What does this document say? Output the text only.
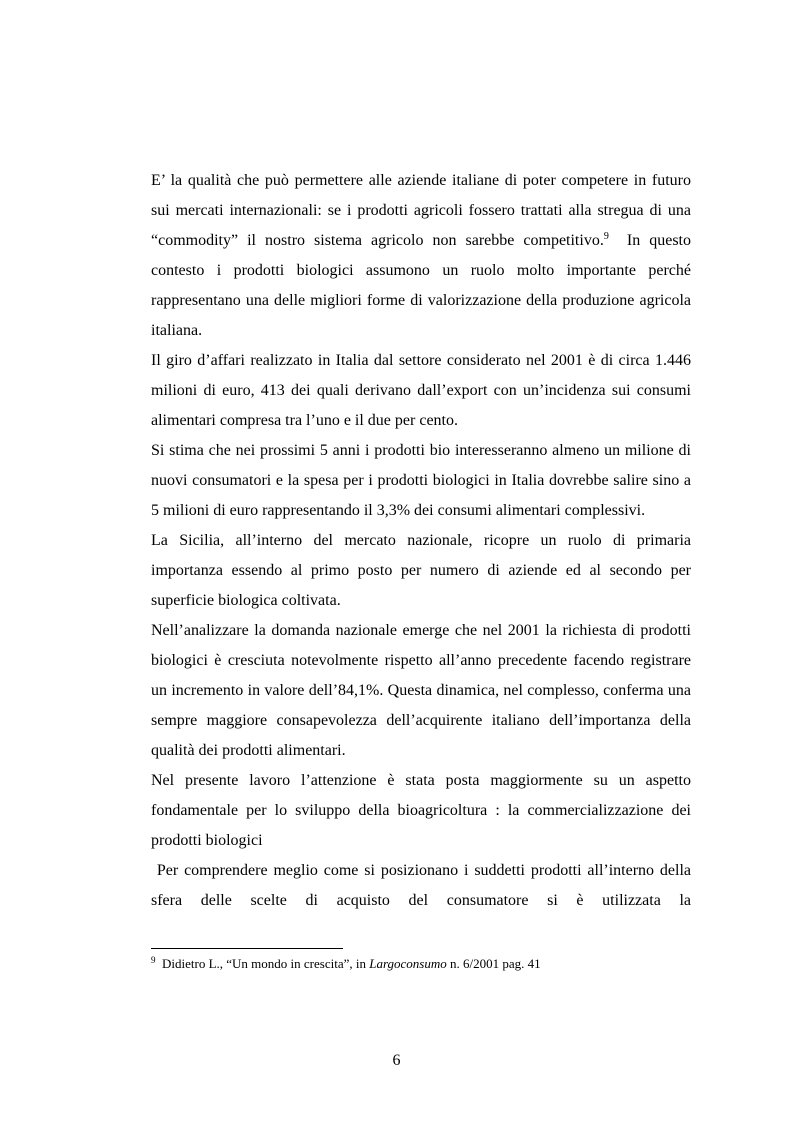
E’ la qualità che può permettere alle aziende italiane di poter competere in futuro sui mercati internazionali: se i prodotti agricoli fossero trattati alla stregua di una “commodity” il nostro sistema agricolo non sarebbe competitivo.$^9$  In questo contesto i prodotti biologici assumono un ruolo molto importante perché rappresentano una delle migliori forme di valorizzazione della produzione agricola italiana.

Il giro d’affari realizzato in Italia dal settore considerato nel 2001 è di circa 1.446 milioni di euro, 413 dei quali derivano dall’export con un’incidenza sui consumi alimentari compresa tra l’uno e il due per cento.

Si stima che nei prossimi 5 anni i prodotti bio interesseranno almeno un milione di nuovi consumatori e la spesa per i prodotti biologici in Italia dovrebbe salire sino a 5 milioni di euro rappresentando il 3,3% dei consumi alimentari complessivi.

La Sicilia, all’interno del mercato nazionale, ricopre un ruolo di primaria importanza essendo al primo posto per numero di aziende ed al secondo per superficie biologica coltivata.

Nell’analizzare la domanda nazionale emerge che nel 2001 la richiesta di prodotti biologici è cresciuta notevolmente rispetto all’anno precedente facendo registrare un incremento in valore dell’84,1%. Questa dinamica, nel complesso, conferma una sempre maggiore consapevolezza dell’acquirente italiano dell’importanza della qualità dei prodotti alimentari.

Nel presente lavoro l’attenzione è stata posta maggiormente su un aspetto fondamentale per lo sviluppo della bioagricoltura : la commercializzazione dei prodotti biologici

Per comprendere meglio come si posizionano i suddetti prodotti all’interno della sfera delle scelte di acquisto del consumatore si è utilizzata la

$^9$  Didietro L., “Un mondo in crescita”, in Largoconsumo n. 6/2001 pag. 41
6
